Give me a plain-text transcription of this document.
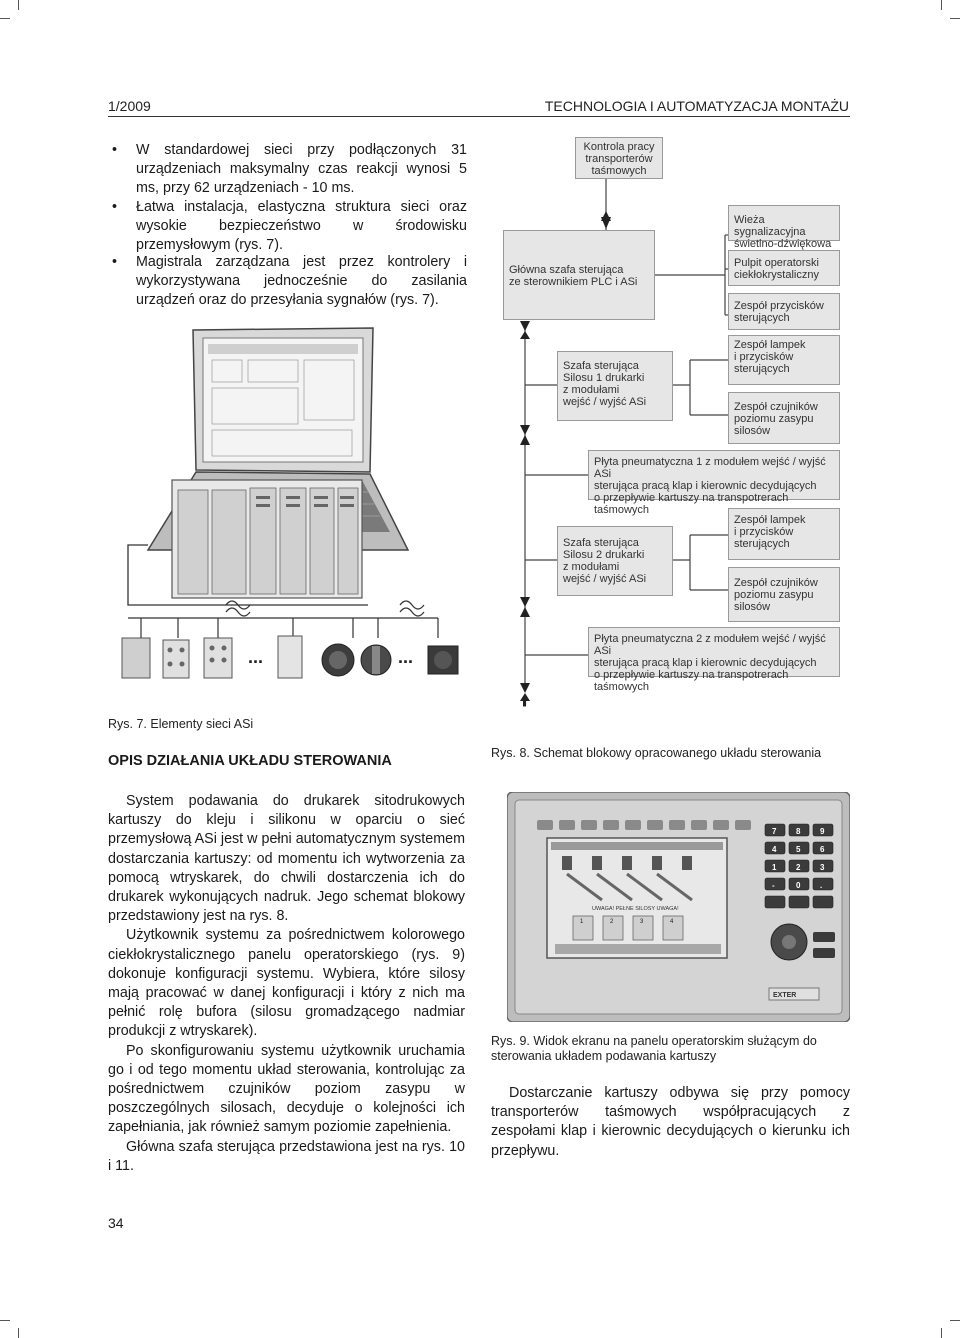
1/2009	TECHNOLOGIA I AUTOMATYZACJA MONTAŻU
• W standardowej sieci przy podłączonych 31 urządzeniach maksymalny czas reakcji wynosi 5 ms, przy 62 urządzeniach - 10 ms.
• Łatwa instalacja, elastyczna struktura sieci oraz wysokie bezpieczeństwo w środowisku przemysłowym (rys. 7).
• Magistrala zarządzana jest przez kontrolery i wykorzystywana jednocześnie do zasilania urządzeń oraz do przesyłania sygnałów (rys. 7).
...	...
Rys. 7. Elementy sieci ASi
Kontrola pracy
transporterów
taśmowych
Główna szafa sterująca
ze sterownikiem PLC i ASi
Wieża sygnalizacyjna
świetlno-dźwiękowa
Pulpit operatorski
ciekłokrystaliczny
Zespół przycisków
sterujących
Szafa sterująca
Silosu 1 drukarki
z modułami
wejść / wyjść ASi
Zespół lampek
i przycisków
sterujących
Zespół czujników
poziomu zasypu
silosów
Płyta pneumatyczna 1 z modułem wejść / wyjść ASi
sterująca pracą klap i kierownic decydujących
o przepływie kartuszy na transpotrerach taśmowych
Szafa sterująca
Silosu 2 drukarki
z modułami
wejść / wyjść ASi
Zespół lampek
i przycisków
sterujących
Zespół czujników
poziomu zasypu
silosów
Płyta pneumatyczna 2 z modułem wejść / wyjść ASi
sterująca pracą klap i kierownic decydujących
o przepływie kartuszy na transpotrerach taśmowych
.....
Rys. 8. Schemat blokowy opracowanego układu sterowania
OPIS DZIAŁANIA UKŁADU STEROWANIA

System podawania do drukarek sitodrukowych kartuszy do kleju i silikonu w oparciu o sieć przemysłową ASi jest w pełni automatycznym systemem dostarczania kartuszy: od momentu ich wytworzenia za pomocą wtryskarek, do chwili dostarczenia ich do drukarek wykonujących nadruk. Jego schemat blokowy przedstawiony jest na rys. 8.

Użytkownik systemu za pośrednictwem kolorowego ciekłokrystalicznego panelu operatorskiego (rys. 9) dokonuje konfiguracji systemu. Wybiera, które silosy mają pracować w danej konfiguracji i który z nich ma pełnić rolę bufora (silosu gromadzącego nadmiar produkcji z wtryskarek).

Po skonfigurowaniu systemu użytkownik uruchamia go i od tego momentu układ sterowania, kontrolując za pośrednictwem czujników poziom zasypu w poszczególnych silosach, decyduje o kolejności ich zapełniania, jak również samym poziomie zapełnienia.

Główna szafa sterująca przedstawiona jest na rys. 10 i 11.

UWAGA! PEŁNE SILOSY UWAGA!
1	2	3	4
7 8 9
4 5 6
1 2 3
-	0 .
EXTER
Rys. 9. Widok ekranu na panelu operatorskim służącym do sterowania układem podawania kartuszy

Dostarczanie kartuszy odbywa się przy pomocy transporterów taśmowych współpracujących z zespołami klap i kierownic decydujących o kierunku ich przepływu.

34
